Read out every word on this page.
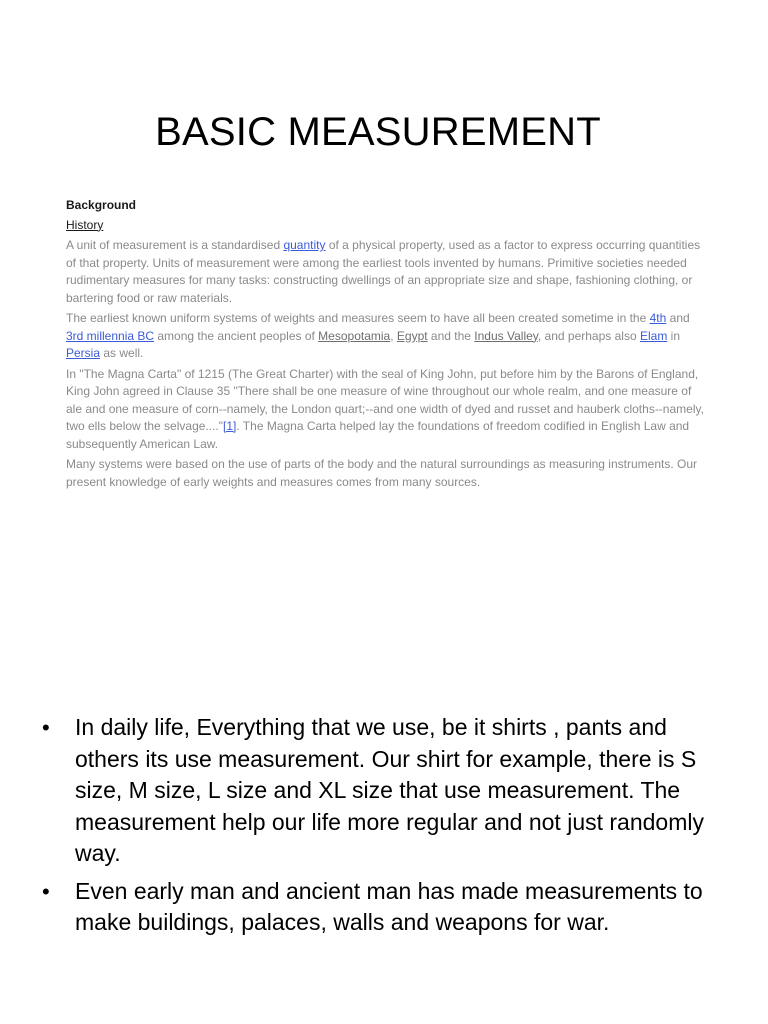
BASIC MEASUREMENT
Background
History

A unit of measurement is a standardised quantity of a physical property, used as a factor to express occurring quantities of that property. Units of measurement were among the earliest tools invented by humans. Primitive societies needed rudimentary measures for many tasks: constructing dwellings of an appropriate size and shape, fashioning clothing, or bartering food or raw materials.

The earliest known uniform systems of weights and measures seem to have all been created sometime in the 4th and 3rd millennia BC among the ancient peoples of Mesopotamia, Egypt and the Indus Valley, and perhaps also Elam in Persia as well.

In "The Magna Carta" of 1215 (The Great Charter) with the seal of King John, put before him by the Barons of England, King John agreed in Clause 35 "There shall be one measure of wine throughout our whole realm, and one measure of ale and one measure of corn--namely, the London quart;--and one width of dyed and russet and hauberk cloths--namely, two ells below the selvage...."[1]. The Magna Carta helped lay the foundations of freedom codified in English Law and subsequently American Law.

Many systems were based on the use of parts of the body and the natural surroundings as measuring instruments. Our present knowledge of early weights and measures comes from many sources.

• In daily life, Everything that we use, be it shirts , pants and others its use measurement. Our shirt for example, there is S size, M size, L size and XL size that use measurement. The measurement help our life more regular and not just randomly way.
• Even early man and ancient man has made measurements to make buildings, palaces, walls and weapons for war.
